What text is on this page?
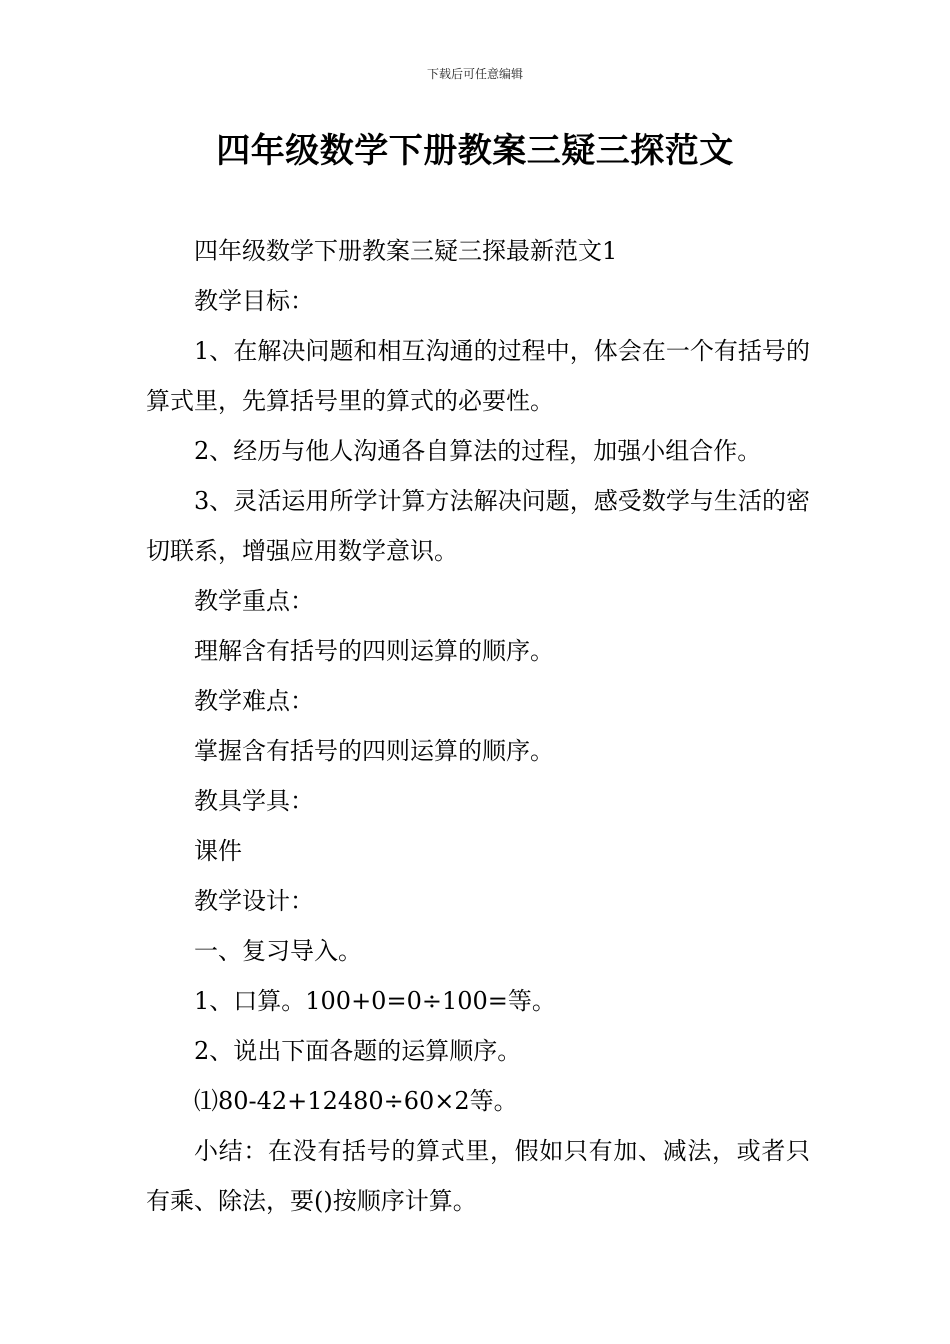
下载后可任意编辑
四年级数学下册教案三疑三探范文

四年级数学下册教案三疑三探最新范文1

教学目标：

1、在解决问题和相互沟通的过程中，体会在一个有括号的算式里，先算括号里的算式的必要性。

2、经历与他人沟通各自算法的过程，加强小组合作。

3、灵活运用所学计算方法解决问题，感受数学与生活的密切联系，增强应用数学意识。

教学重点：

理解含有括号的四则运算的顺序。

教学难点：

掌握含有括号的四则运算的顺序。

教具学具：

课件

教学设计：

一、复习导入。

1、口算。100+0=0÷100=等。

2、说出下面各题的运算顺序。

⑴80-42+12480÷60×2等。

小结：在没有括号的算式里，假如只有加、减法，或者只有乘、除法，要()按顺序计算。
